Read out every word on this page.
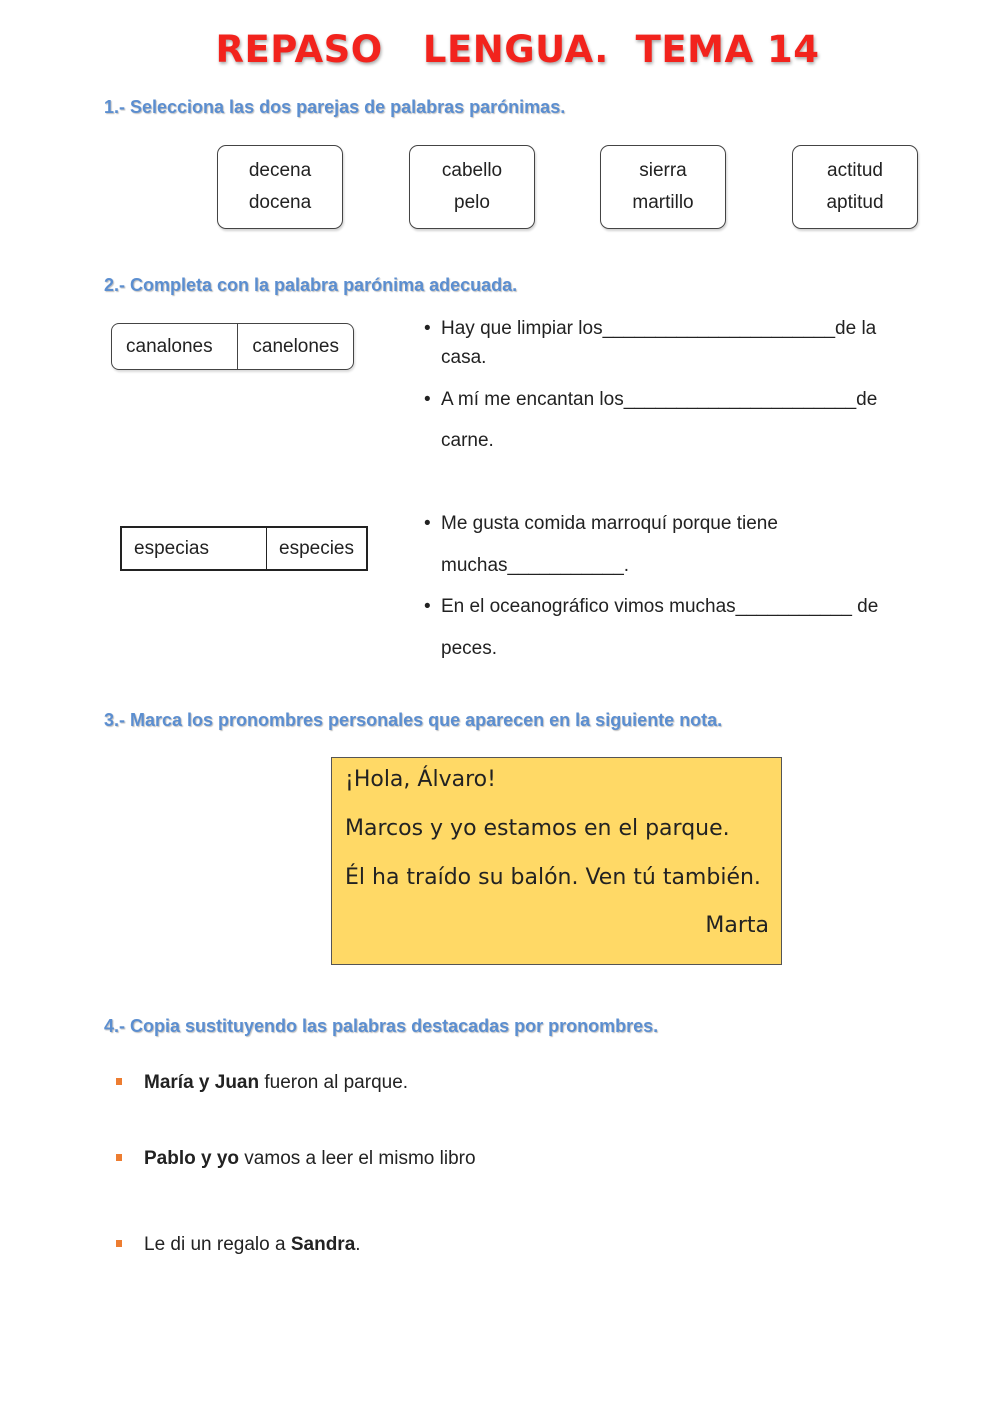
REPASO   LENGUA.  TEMA 14
1.- Selecciona las dos parejas de palabras parónimas.
decena
docena
cabello
pelo
sierra
martillo
actitud
aptitud
2.- Completa con la palabra parónima adecuada.
canalones	canelones
especias	especies
• Hay que limpiar los______________________de la
casa.
• A mí me encantan los______________________de
carne.
• Me gusta comida marroquí porque tiene
muchas___________.
• En el oceanográfico vimos muchas___________ de
peces.
3.- Marca los pronombres personales que aparecen en la siguiente nota.
¡Hola, Álvaro!
Marcos y yo estamos en el parque.
Él ha traído su balón. Ven tú también.
Marta
4.- Copia sustituyendo las palabras destacadas por pronombres.
María y Juan fueron al parque.
Pablo y yo vamos a leer el mismo libro
Le di un regalo a Sandra.
